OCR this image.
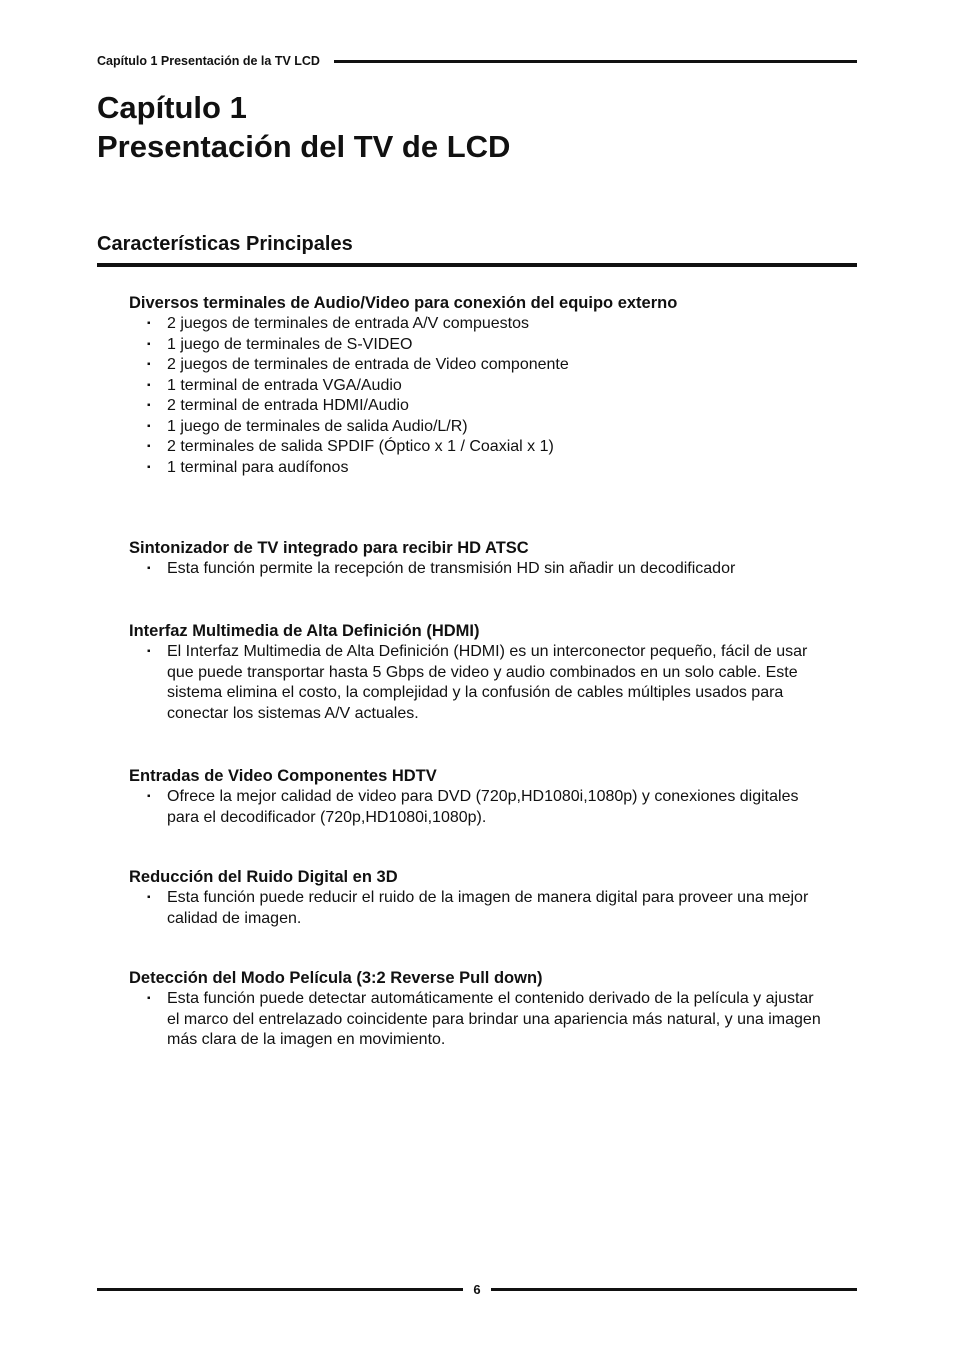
Capítulo 1 Presentación de la TV LCD
Capítulo 1
Presentación del TV de LCD
Características Principales
Diversos terminales de Audio/Video para conexión del equipo externo
▪ 2 juegos de terminales de entrada A/V compuestos
▪ 1 juego de terminales de S-VIDEO
▪ 2 juegos de terminales de entrada de Video componente
▪ 1 terminal de entrada VGA/Audio
▪ 2 terminal de entrada HDMI/Audio
▪ 1 juego de terminales de salida Audio/L/R)
▪ 2 terminales de salida SPDIF (Óptico x 1 / Coaxial x 1)
▪ 1 terminal para audífonos
Sintonizador de TV integrado para recibir HD ATSC
▪ Esta función permite la recepción de transmisión HD sin añadir un decodificador
Interfaz Multimedia de Alta Definición (HDMI)
▪ El Interfaz Multimedia de Alta Definición (HDMI) es un interconector pequeño, fácil de usar que puede transportar hasta 5 Gbps de video y audio combinados en un solo cable. Este sistema elimina el costo, la complejidad y la confusión de cables múltiples usados para conectar los sistemas A/V actuales.
Entradas de Video Componentes HDTV
▪ Ofrece la mejor calidad de video para DVD (720p,HD1080i,1080p) y conexiones digitales para el decodificador (720p,HD1080i,1080p).
Reducción del Ruido Digital en 3D
▪ Esta función puede reducir el ruido de la imagen de manera digital para proveer una mejor calidad de imagen.
Detección del Modo Película (3:2 Reverse Pull down)
▪ Esta función puede detectar automáticamente el contenido derivado de la película y ajustar el marco del entrelazado coincidente para brindar una apariencia más natural, y una imagen más clara de la imagen en movimiento.
6
